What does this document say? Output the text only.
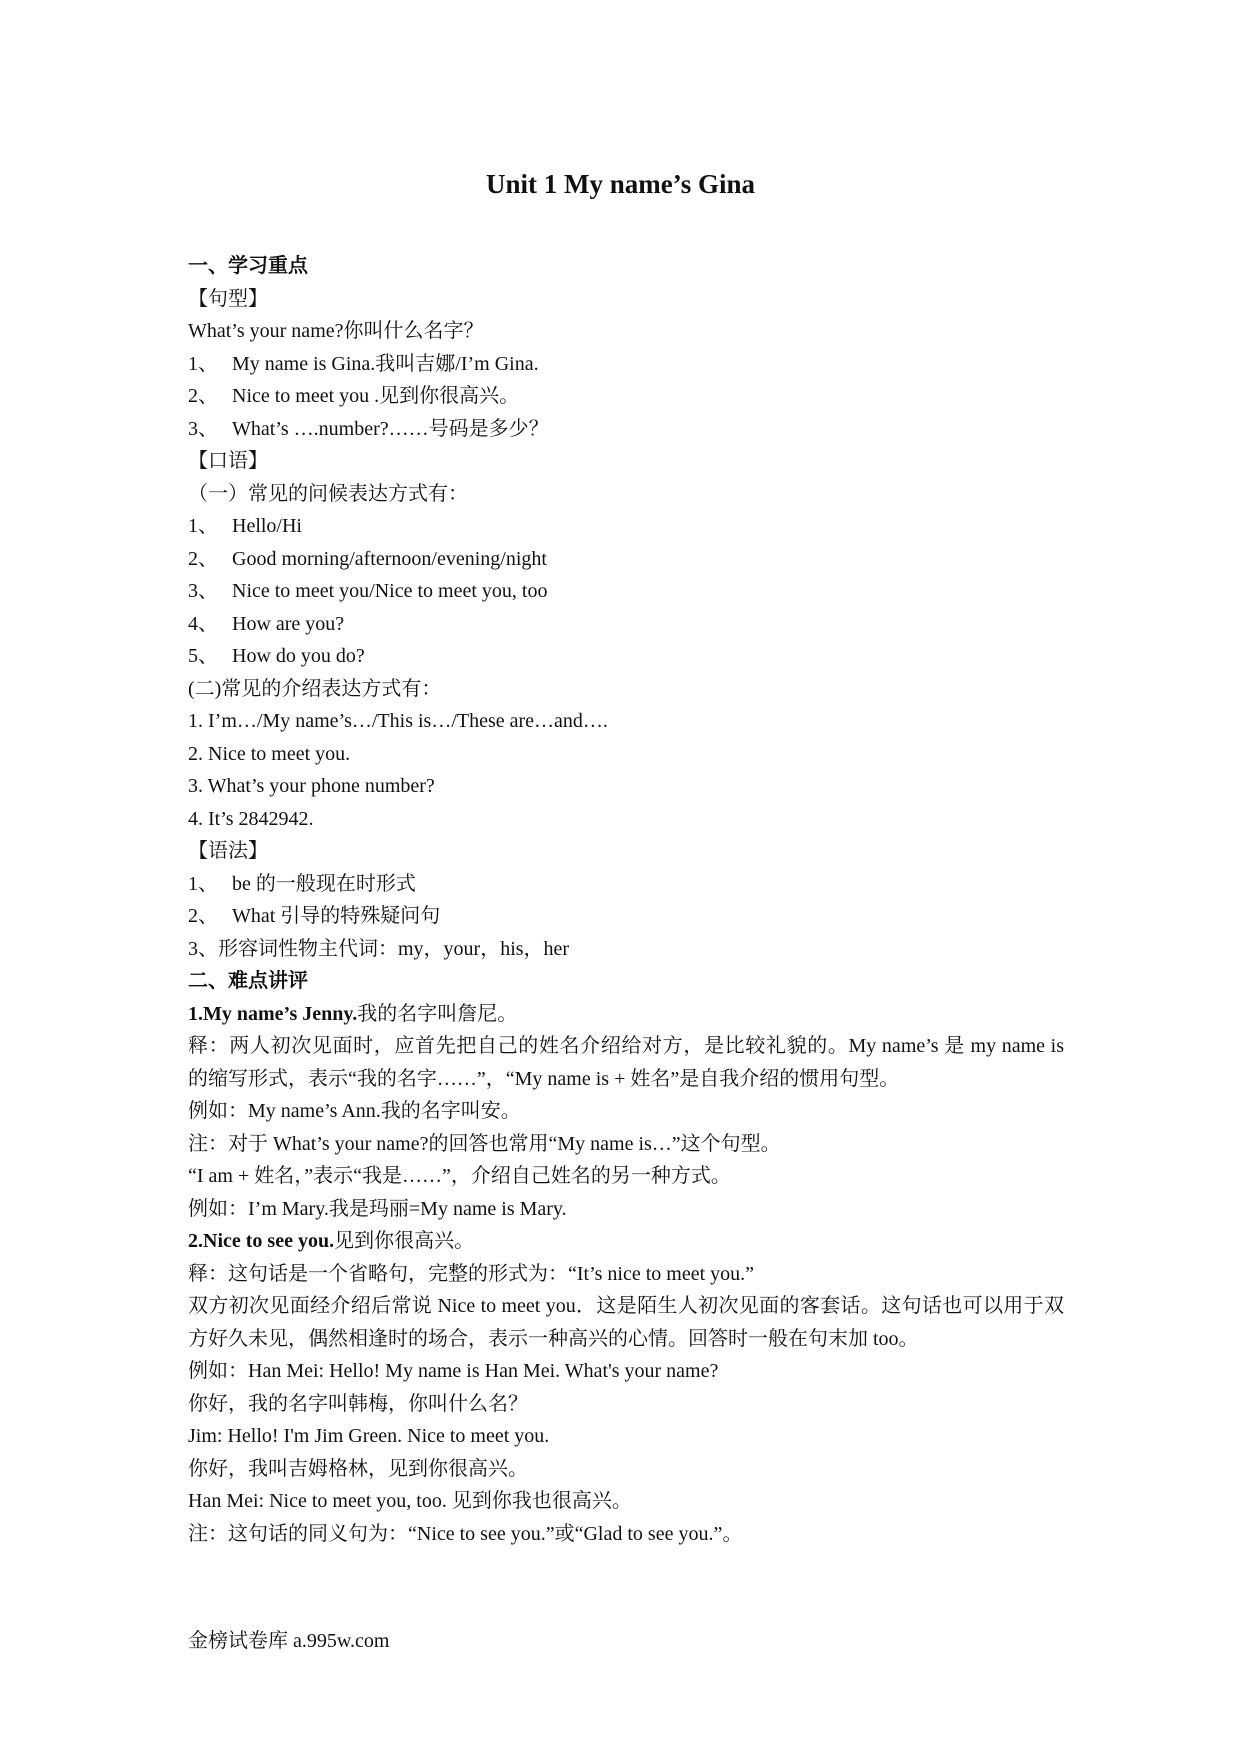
Unit 1 My name’s Gina
一、学习重点
【句型】
What’s your name?你叫什么名字？
1、 My name is Gina.我叫吉娜/I’m Gina.
2、 Nice to meet you .见到你很高兴。
3、 What’s ….number?……号码是多少？
【口语】
（一）常见的问候表达方式有：
1、 Hello/Hi
2、 Good morning/afternoon/evening/night
3、 Nice to meet you/Nice to meet you, too
4、 How are you?
5、 How do you do?
(二)常见的介绍表达方式有：
1. I’m…/My name’s…/This is…/These are…and….
2. Nice to meet you.
3. What’s your phone number?
4. It’s 2842942.
【语法】
1、 be 的一般现在时形式
2、 What 引导的特殊疑问句
3、形容词性物主代词：my，your，his，her
二、难点讲评
1.My name’s Jenny.我的名字叫詹尼。
释：两人初次见面时，应首先把自己的姓名介绍给对方，是比较礼貌的。My name’s 是 my name is 的缩写形式，表示“我的名字……”，“My name is + 姓名”是自我介绍的惯用句型。
例如：My name’s Ann.我的名字叫安。
注：对于 What’s your name?的回答也常用“My name is…”这个句型。
“I am + 姓名，”表示“我是……”，介绍自己姓名的另一种方式。
例如：I’m Mary.我是玛丽=My name is Mary.
2.Nice to see you.见到你很高兴。
释：这句话是一个省略句，完整的形式为：“It’s nice to meet you.”
双方初次见面经介绍后常说 Nice to meet you．这是陌生人初次见面的客套话。这句话也可以用于双方好久未见，偶然相逢时的场合，表示一种高兴的心情。回答时一般在句末加 too。
例如：Han Mei: Hello! My name is Han Mei. What's your name?
你好，我的名字叫韩梅，你叫什么名？
Jim: Hello! I'm Jim Green. Nice to meet you.
你好，我叫吉姆格林，见到你很高兴。
Han Mei: Nice to meet you, too. 见到你我也很高兴。
注：这句话的同义句为：“Nice to see you.”或“Glad to see you.”。
金榜试卷库 a.995w.com
